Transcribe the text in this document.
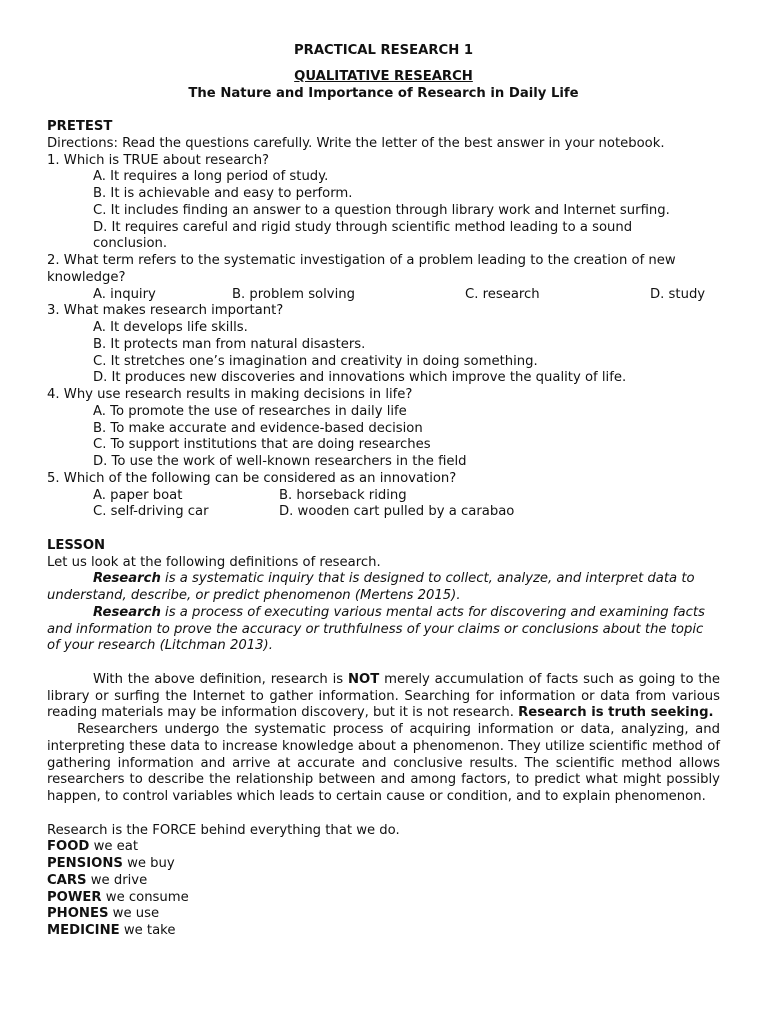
PRACTICAL RESEARCH 1
QUALITATIVE RESEARCH
The Nature and Importance of Research in Daily Life
PRETEST
Directions: Read the questions carefully. Write the letter of the best answer in your notebook.
1. Which is TRUE about research?
A. It requires a long period of study.
B. It is achievable and easy to perform.
C. It includes finding an answer to a question through library work and Internet surfing.
D. It requires careful and rigid study through scientific method leading to a sound conclusion.
2. What term refers to the systematic investigation of a problem leading to the creation of new knowledge?
A. inquiry	B. problem solving	C. research	D. study
3. What makes research important?
A. It develops life skills.
B. It protects man from natural disasters.
C. It stretches one’s imagination and creativity in doing something.
D. It produces new discoveries and innovations which improve the quality of life.
4. Why use research results in making decisions in life?
A. To promote the use of researches in daily life
B. To make accurate and evidence-based decision
C. To support institutions that are doing researches
D. To use the work of well-known researchers in the field
5. Which of the following can be considered as an innovation?
A. paper boat	B. horseback riding
C. self-driving car	D. wooden cart pulled by a carabao
LESSON
Let us look at the following definitions of research.
Research is a systematic inquiry that is designed to collect, analyze, and interpret data to understand, describe, or predict phenomenon (Mertens 2015).
Research is a process of executing various mental acts for discovering and examining facts and information to prove the accuracy or truthfulness of your claims or conclusions about the topic of your research (Litchman 2013).
With the above definition, research is NOT merely accumulation of facts such as going to the library or surfing the Internet to gather information. Searching for information or data from various reading materials may be information discovery, but it is not research. Research is truth seeking.
Researchers undergo the systematic process of acquiring information or data, analyzing, and interpreting these data to increase knowledge about a phenomenon. They utilize scientific method of gathering information and arrive at accurate and conclusive results. The scientific method allows researchers to describe the relationship between and among factors, to predict what might possibly happen, to control variables which leads to certain cause or condition, and to explain phenomenon.
Research is the FORCE behind everything that we do.
FOOD we eat
PENSIONS we buy
CARS we drive
POWER we consume
PHONES we use
MEDICINE we take
